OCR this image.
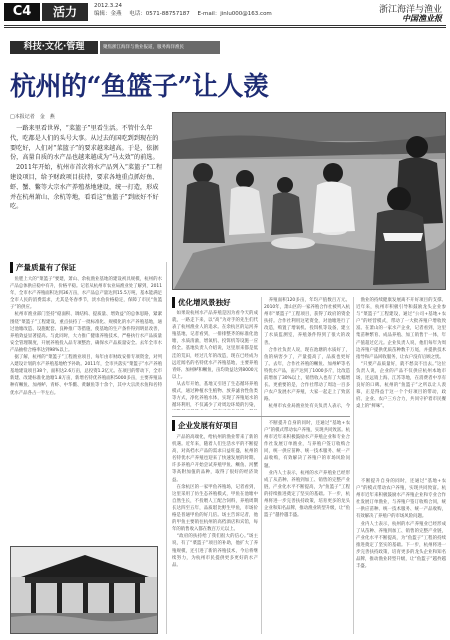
C4	活力	2012.3.24
编辑：金燕 电话：0571-88757187 E-mail：jinlu000@163.com	浙江海洋与渔业
中国渔业报
科技·文化·管理	聚焦浙江海洋与渔业报道，服务海洋渔民
杭州的“鱼篮子”让人羡
□本报记者　金　燕
　一路来里看世界，“菜篮子”里看生活。不管什么年代，吃都是人们的头号大事。从过去的国吃到到现在的要吃好，人们对“菜篮子”的要求越来越高。于是，依据份，高量自质的水产品也越来越成为“马太效”的前选。
　2011年开始，杭州市首次将水产品列入“菜篮子”工程建设项目，给予财政项目扶持，要求各地重点抓好鱼、虾、蟹、鳖等大宗水产养殖基地建设，统一打造，形成并在杭州萧山、余杭等地，看看这“鱼篮子”到底好不好吃。
产量质量有了保证
　鱼肥上大的“菜篮子”要建，萧山、余杭渔业基地的建设初具规模，杭州的水产品总体供应稳中有升，价格平稳。记者从杭州市农业局渔业处了解到，2011年，全市水产养殖面积达到36万亩，水产品总产量达到15.5万吨，基本能满足全市人民的消费需求，尤其是冬春季节，淡水鱼价格稳定，保障了市民“鱼篮子”的供应。
　杭州市渔业部门坚持“稳面积、调结构、提质量、增效益”的总体思路，紧紧围绕“菜篮子”工程建设，重点扶持了一批标准化、规模化的水产养殖基地，通过池塘改造、设施配套、良种推广等措施，使基地的生产条件得到明显改善，养殖效益显著提高。与此同时，大力推广健康养殖技术，严格执行水产品质量安全管理制度，开展养殖投入品专项整治，确保水产品质量安全。去年全市水产品抽检合格率达到98%以上。
　据了解，杭州的“菜篮子”工程渔业项目，每年由市财政安排专项资金，对列入建设计划的水产养殖基地给予补助。2011年，全市共落实“菜篮子”水产养殖基地建设项目38个，面积达2.6万亩，总投资1.2亿元。在项目的带动下，全市新建、改建标准化池塘1.8万亩，新增名特优养殖面积5000多亩，主要养殖品种有鳜鱼、加州鲈、青虾、中华鳖、黄颡鱼等十余个，其中大宗淡水鱼和名特优水产品各占一半左右。
优化增风景独好
　如果说杭州水产品养殖是因为看今天的成就，一路走下来，以“高”为对手的先生们代表了杭州渔业人的追求。在余杭区的运河养殖基地，记者看到，一排排整齐的标准化池塘，水质清澈，增氧机、投饵机等设施一应俱全。基地负责人介绍说，这里原来都是低洼的荒田，经过几年的改造，现在已经成为远近闻名的名特优水产养殖基地，主要养殖青虾、加州鲈和鳜鱼，亩均效益达到8000元以上。
　从去年开始，基地又引进了生态循环养殖模式，通过种植水生植物、放养滤食性鱼类等方式，净化养殖水体，实现了养殖尾水的循环利用，不仅减少了对周边环境的污染，

　养殖面积120多亩，年均产值数百万元。2010年，萧山区的一家养殖合作社被列入杭州市“菜篮子”工程项目，获得了政府的资金扶持。合作社利用这笔资金，对池塘进行了改造，购置了增氧机、投饵机等设备，建立了水质监测室，养殖条件得到了很大的改善。
　合作社负责人说，现在池塘的水质好了，鱼的病害少了，产量提高了，品质也更好了。去年，合作社养殖的鳜鱼、加州鲈等名特优水产品，亩产达到了1000多斤，比改造前增加了30%以上，销售收入也有了大幅增长。更重要的是，合作社带动了周边一百多户农户发展水产养殖，大家一起走上了致富路。
　杭州市农业局渔业处有关负责人表示，今
　渔业的持续健康发展离不开好项目的支撑。近年来，杭州市积极引导和鼓励龙头企业参与“菜篮子”工程建设，通过“公司+基地+农户”的经营模式，带动了一大批养殖户增收致富。在萧山的一家水产企业，记者看到，这里集苗种繁育、成品养殖、加工销售于一体，年产值超过亿元。企业负责人说，他们每年为周边养殖户提供优质苗种数千万尾，并提供技术指导和产品回收服务，让农户没有后顾之忧。
　“只要产品质量好，就不愁卖不出去。”这位负责人说，企业的产品不仅供应杭州本地市场，还远销上海、江苏等地，在消费者中享有良好的口碑。杭州的“鱼篮子”之所以让人羡慕，正是得益于这一个个好项目的带动，政府、企业、农户三方合力，共同守护着市民餐桌上的“鲜味”。
企业发展有好项目
　产品的高端化，给杭州的渔业带来了新的机遇。近年来，随着人们生活水平的不断提高，对高档水产品的需求日益旺盛，杭州的名特优水产养殖也迎来了快速发展的时期。许多养殖户开始尝试养殖甲鱼、鳜鱼、河蟹等高附加值的品种，取得了很好的经济效益。
　在余杭区的一家甲鱼养殖场，记者看到，这里采用了仿生态养殖模式，甲鱼在池塘中自然生长，不投喂人工配合饲料，养殖周期长达四至五年，品质堪比野生甲鱼，市场价格是普通甲鱼的好几倍。场主告诉记者，他的甲鱼主要销往杭州的高档酒店和宾馆，每年的销售收入都在数百万元以上。
　“政府的扶持给了我们很大的信心。”场主说，有了“菜篮子”项目的补助，他扩大了养殖规模，还引进了新的养殖技术，今后将继续努力，为杭州市民提供更多更好的水产品。
　不断提升自身的同时，还通过“基地+农户”的模式带动农户养殖，实现共同致富。杭州市近年来积极鼓励水产养殖企业和专业合作社发展订单渔业，与养殖户签订收购合同，统一供应苗种、统一技术服务、统一产品收购，有效解决了养殖户的市场风险问题。
　业内人士表示，杭州的水产养殖业已经形成了从苗种、养殖到加工、销售的完整产业链，产业化水平不断提高，为“鱼篮子”工程的持续推进奠定了坚实的基础。下一步，杭州将进一步完善扶持政策，培育更多的龙头企业和知名品牌，推动渔业转型升级，让“鱼篮子”越拎越丰盛。
　不断提升自身的同时，还通过“基地+农户”的模式带动农户养殖，实现共同致富。杭州市近年来积极鼓励水产养殖企业和专业合作社发展订单渔业，与养殖户签订收购合同，统一供应苗种、统一技术服务、统一产品收购，有效解决了养殖户的市场风险问题。
　业内人士表示，杭州的水产养殖业已经形成了从苗种、养殖到加工、销售的完整产业链，产业化水平不断提高，为“鱼篮子”工程的持续推进奠定了坚实的基础。下一步，杭州将进一步完善扶持政策，培育更多的龙头企业和知名品牌，推动渔业转型升级，让“鱼篮子”越拎越丰盛。
